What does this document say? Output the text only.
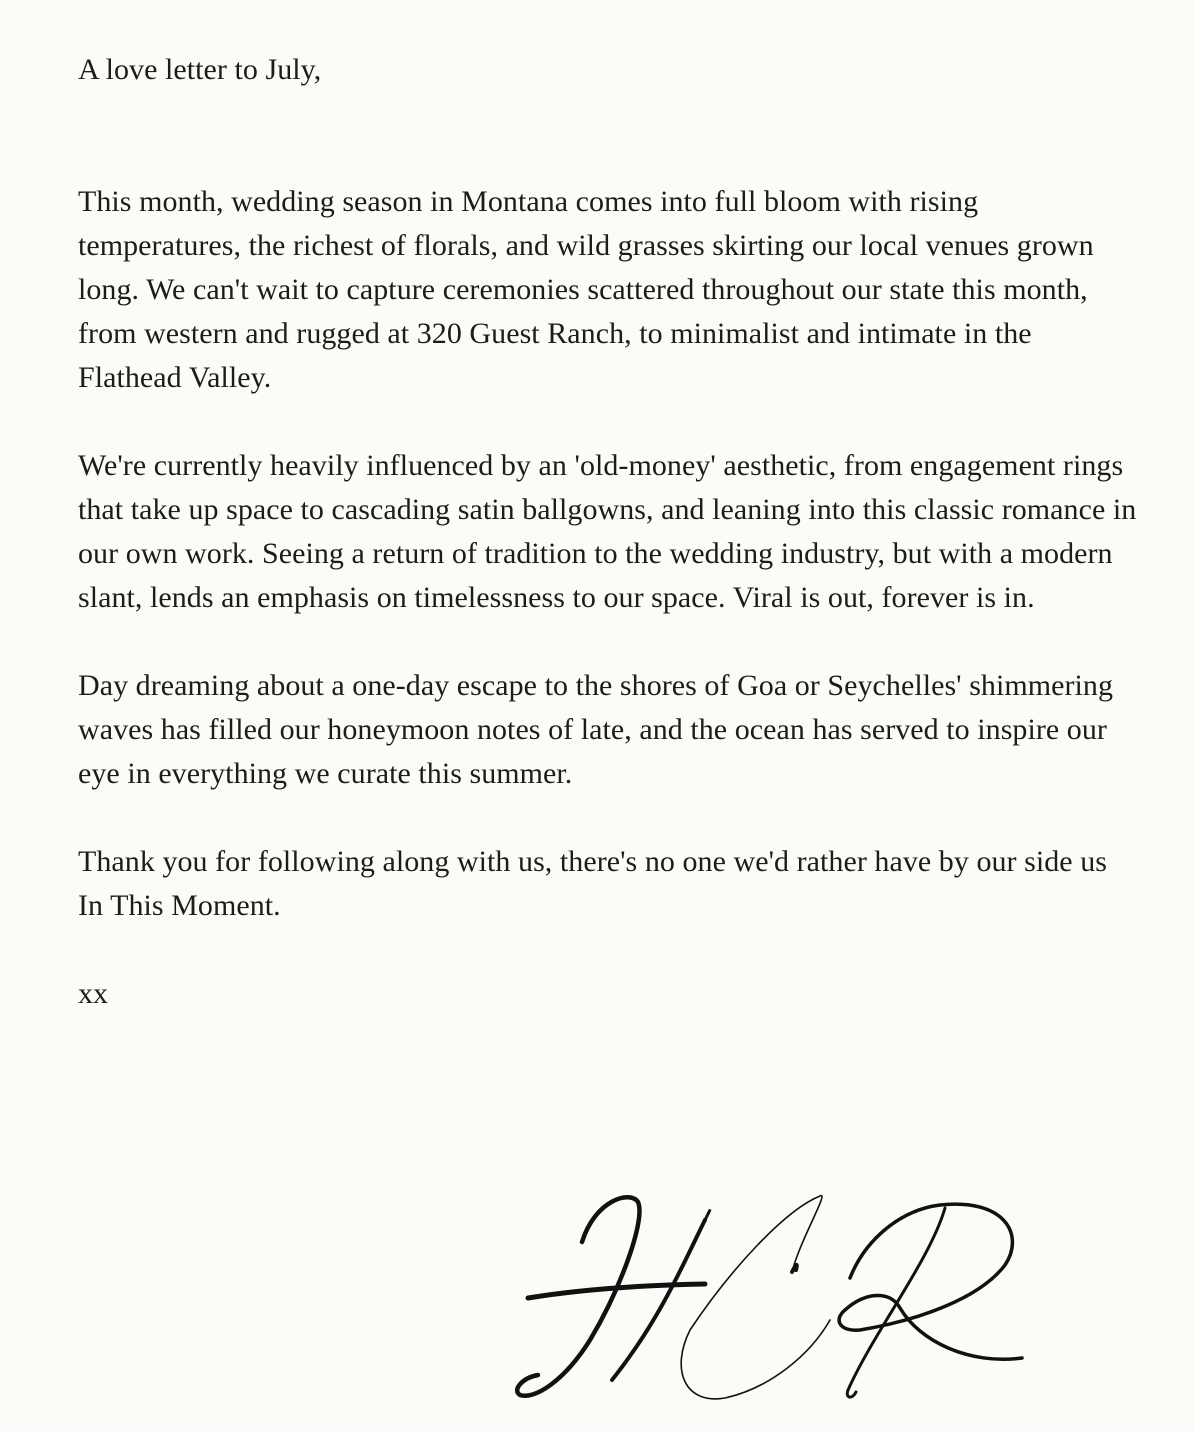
A love letter to July,

This month, wedding season in Montana comes into full bloom with rising temperatures, the richest of florals, and wild grasses skirting our local venues grown long. We can't wait to capture ceremonies scattered throughout our state this month, from western and rugged at 320 Guest Ranch, to minimalist and intimate in the Flathead Valley.

We're currently heavily influenced by an 'old-money' aesthetic, from engagement rings that take up space to cascading satin ballgowns, and leaning into this classic romance in our own work. Seeing a return of tradition to the wedding industry, but with a modern slant, lends an emphasis on timelessness to our space. Viral is out, forever is in.

Day dreaming about a one-day escape to the shores of Goa or Seychelles' shimmering waves has filled our honeymoon notes of late, and the ocean has served to inspire our eye in everything we curate this summer.

Thank you for following along with us, there's no one we'd rather have by our side us In This Moment.

xx
